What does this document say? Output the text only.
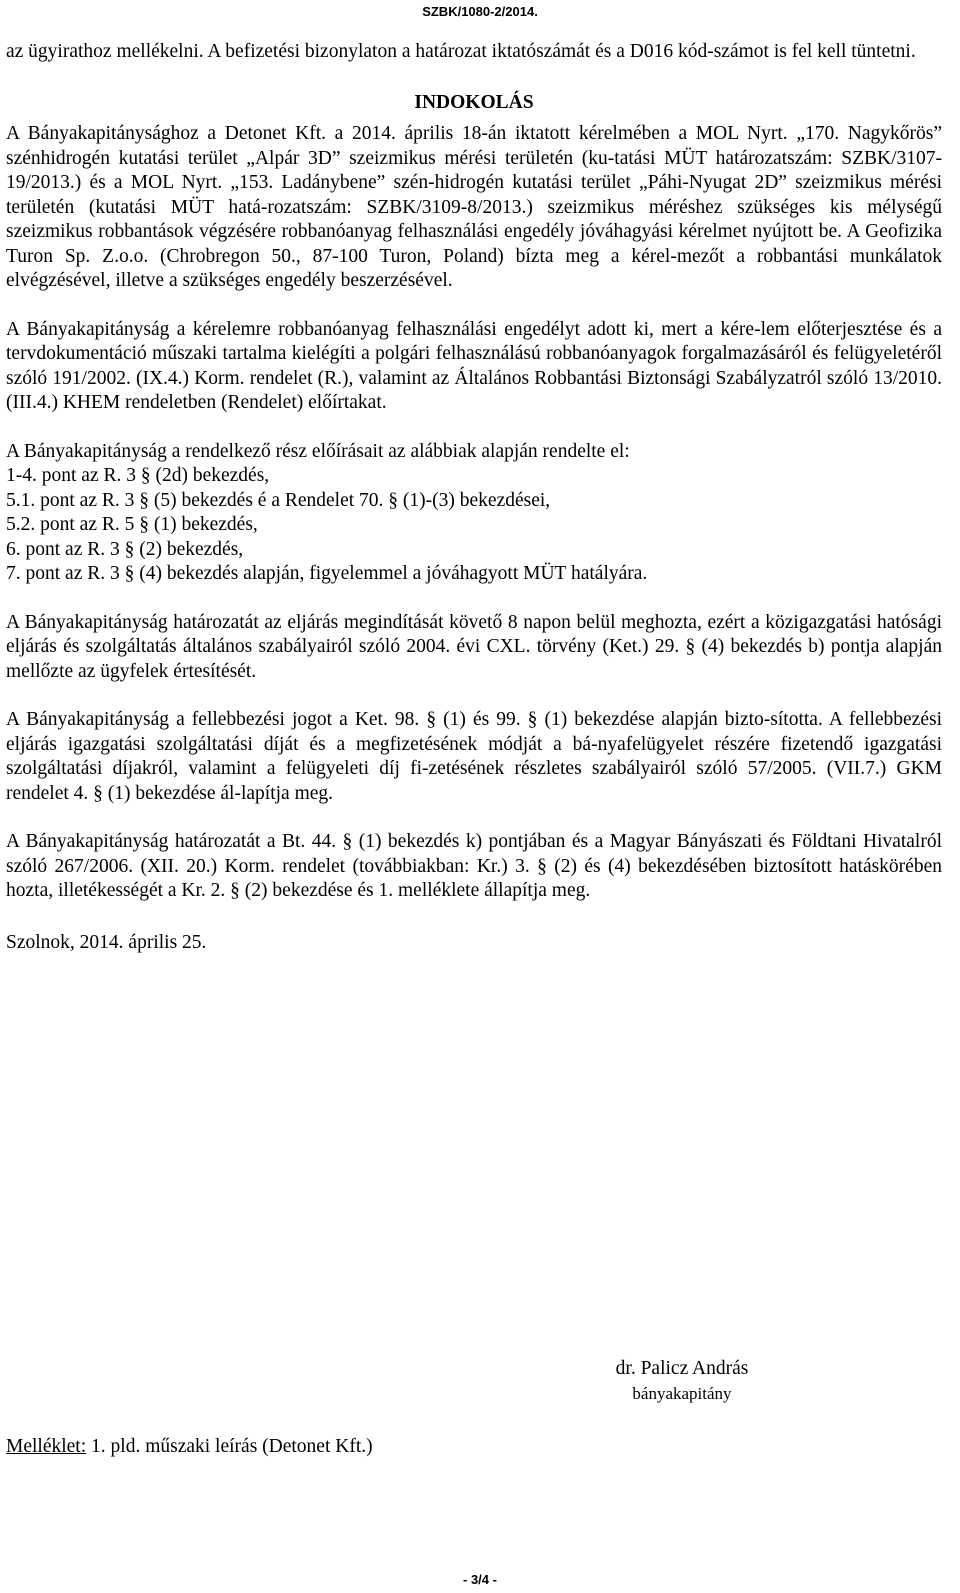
SZBK/1080-2/2014.

az ügyirathoz mellékelni. A befizetési bizonylaton a határozat iktatószámát és a D016 kód-számot is fel kell tüntetni.

INDOKOLÁS

A Bányakapitánysághoz a Detonet Kft. a 2014. április 18-án iktatott kérelmében a MOL Nyrt. „170. Nagykőrös” szénhidrogén kutatási terület „Alpár 3D” szeizmikus mérési területén (ku-tatási MÜT határozatszám: SZBK/3107-19/2013.) és a MOL Nyrt. „153. Ladánybene” szén-hidrogén kutatási terület „Páhi-Nyugat 2D” szeizmikus mérési területén (kutatási MÜT hatá-rozatszám: SZBK/3109-8/2013.) szeizmikus méréshez szükséges kis mélységű szeizmikus robbantások végzésére robbanóanyag felhasználási engedély jóváhagyási kérelmet nyújtott be. A Geofizika Turon Sp. Z.o.o. (Chrobregon 50., 87-100 Turon, Poland) bízta meg a kérel-mezőt a robbantási munkálatok elvégzésével, illetve a szükséges engedély beszerzésével.

A Bányakapitányság a kérelemre robbanóanyag felhasználási engedélyt adott ki, mert a kére-lem előterjesztése és a tervdokumentáció műszaki tartalma kielégíti a polgári felhasználású robbanóanyagok forgalmazásáról és felügyeletéről szóló 191/2002. (IX.4.) Korm. rendelet (R.), valamint az Általános Robbantási Biztonsági Szabályzatról szóló 13/2010. (III.4.) KHEM rendeletben (Rendelet) előírtakat.

A Bányakapitányság a rendelkező rész előírásait az alábbiak alapján rendelte el:

1-4. pont az R. 3 § (2d) bekezdés,

5.1. pont az R. 3 § (5) bekezdés é a Rendelet 70. § (1)-(3) bekezdései,

5.2. pont az R. 5 § (1) bekezdés,

6. pont az R. 3 § (2) bekezdés,

7. pont az R. 3 § (4) bekezdés alapján, figyelemmel a jóváhagyott MÜT hatályára.

A Bányakapitányság határozatát az eljárás megindítását követő 8 napon belül meghozta, ezért a közigazgatási hatósági eljárás és szolgáltatás általános szabályairól szóló 2004. évi CXL. törvény (Ket.) 29. § (4) bekezdés b) pontja alapján mellőzte az ügyfelek értesítését.

A Bányakapitányság a fellebbezési jogot a Ket. 98. § (1) és 99. § (1) bekezdése alapján bizto-sította. A fellebbezési eljárás igazgatási szolgáltatási díját és a megfizetésének módját a bá-nyafelügyelet részére fizetendő igazgatási szolgáltatási díjakról, valamint a felügyeleti díj fi-zetésének részletes szabályairól szóló 57/2005. (VII.7.) GKM rendelet 4. § (1) bekezdése ál-lapítja meg.

A Bányakapitányság határozatát a Bt. 44. § (1) bekezdés k) pontjában és a Magyar Bányászati és Földtani Hivatalról szóló 267/2006. (XII. 20.) Korm. rendelet (továbbiakban: Kr.) 3. § (2) és (4) bekezdésében biztosított hatáskörében hozta, illetékességét a Kr. 2. § (2) bekezdése és 1. melléklete állapítja meg.

Szolnok, 2014. április 25.

dr. Palicz András
bányakapitány
Melléklet: 1. pld. műszaki leírás (Detonet Kft.)
- 3/4 -
